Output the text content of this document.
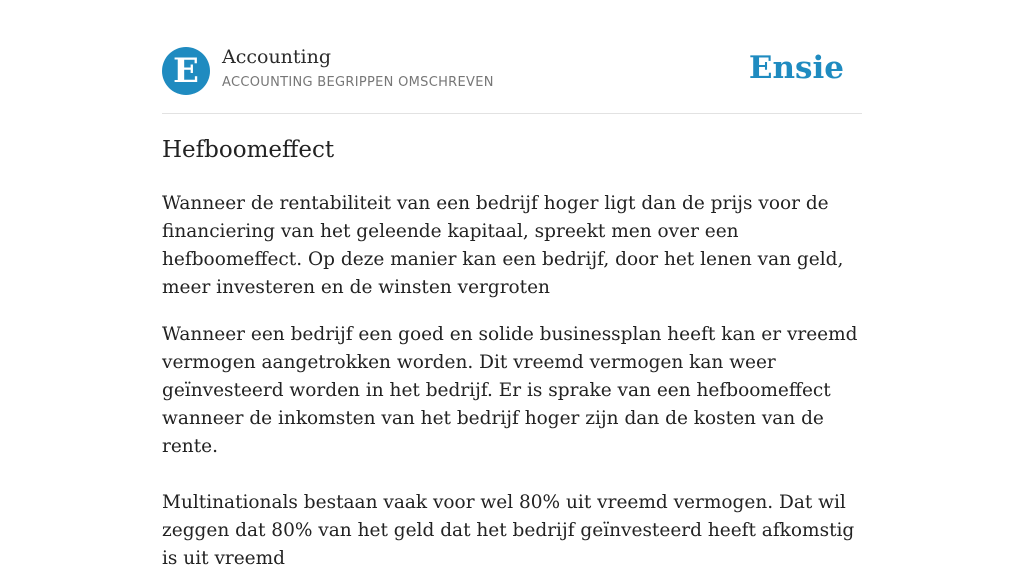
E	Accounting
ACCOUNTING BEGRIPPEN OMSCHREVEN	Ensie
Hefboomeffect

Wanneer de rentabiliteit van een bedrijf hoger ligt dan de prijs voor de financiering van het geleende kapitaal, spreekt men over een hefboomeffect. Op deze manier kan een bedrijf, door het lenen van geld, meer investeren en de winsten vergroten

Wanneer een bedrijf een goed en solide businessplan heeft kan er vreemd vermogen aangetrokken worden. Dit vreemd vermogen kan weer geïnvesteerd worden in het bedrijf. Er is sprake van een hefboomeffect wanneer de inkomsten van het bedrijf hoger zijn dan de kosten van de rente.

Multinationals bestaan vaak voor wel 80% uit vreemd vermogen. Dat wil zeggen dat 80% van het geld dat het bedrijf geïnvesteerd heeft afkomstig is uit vreemd
